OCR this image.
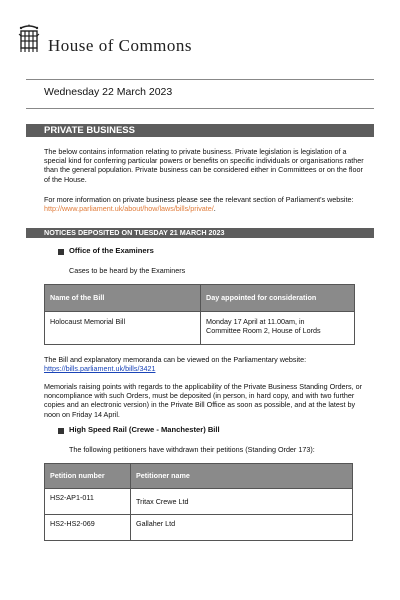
House of Commons
Wednesday 22 March 2023
PRIVATE BUSINESS
The below contains information relating to private business. Private legislation is legislation of a special kind for conferring particular powers or benefits on specific individuals or organisations rather than the general population. Private business can be considered either in Committees or on the floor of the House.
For more information on private business please see the relevant section of Parliament’s website: http://www.parliament.uk/about/how/laws/bills/private/.
NOTICES DEPOSITED ON TUESDAY 21 MARCH 2023
Office of the Examiners
Cases to be heard by the Examiners
Name of the Bill	Day appointed for consideration
Holocaust Memorial Bill	Monday 17 April at 11.00am, in
Committee Room 2, House of Lords
The Bill and explanatory memoranda can be viewed on the Parliamentary website:
https://bills.parliament.uk/bills/3421
Memorials raising points with regards to the applicability of the Private Business Standing Orders, or noncompliance with such Orders, must be deposited (in person, in hard copy, and with two further copies and an electronic version) in the Private Bill Office as soon as possible, and at the latest by noon on Friday 14 April.
High Speed Rail (Crewe - Manchester) Bill
The following petitioners have withdrawn their petitions (Standing Order 173):
Petition number	Petitioner name
HS2-AP1-011	Tritax Crewe Ltd
HS2-HS2-069	Gallaher Ltd
